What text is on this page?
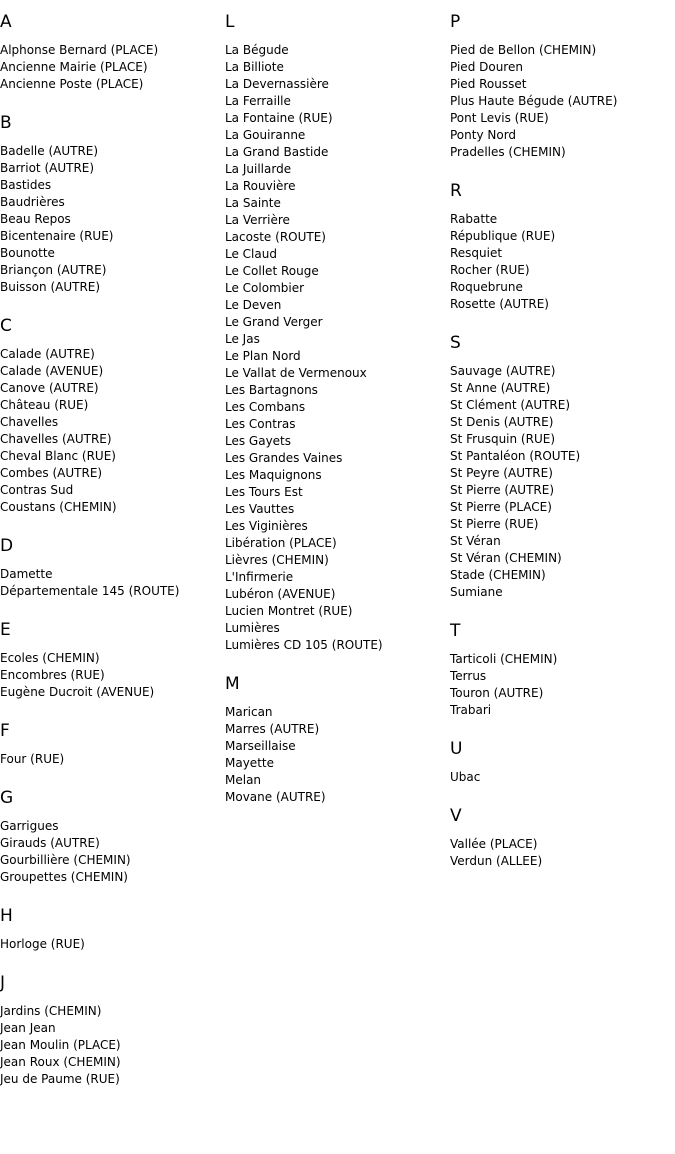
A
Alphonse Bernard (PLACE)
Ancienne Mairie (PLACE)
Ancienne Poste (PLACE)
B
Badelle (AUTRE)
Barriot (AUTRE)
Bastides
Baudrières
Beau Repos
Bicentenaire (RUE)
Bounotte
Briançon (AUTRE)
Buisson (AUTRE)
C
Calade (AUTRE)
Calade (AVENUE)
Canove (AUTRE)
Château (RUE)
Chavelles
Chavelles (AUTRE)
Cheval Blanc (RUE)
Combes (AUTRE)
Contras Sud
Coustans (CHEMIN)
D
Damette
Départementale 145 (ROUTE)
E
Ecoles (CHEMIN)
Encombres (RUE)
Eugène Ducroit (AVENUE)
F
Four (RUE)
G
Garrigues
Girauds (AUTRE)
Gourbillière (CHEMIN)
Groupettes (CHEMIN)
H
Horloge (RUE)
J
Jardins (CHEMIN)
Jean Jean
Jean Moulin (PLACE)
Jean Roux (CHEMIN)
Jeu de Paume (RUE)
L
La Bégude
La Billiote
La Devernassière
La Ferraille
La Fontaine (RUE)
La Gouiranne
La Grand Bastide
La Juillarde
La Rouvière
La Sainte
La Verrière
Lacoste (ROUTE)
Le Claud
Le Collet Rouge
Le Colombier
Le Deven
Le Grand Verger
Le Jas
Le Plan Nord
Le Vallat de Vermenoux
Les Bartagnons
Les Combans
Les Contras
Les Gayets
Les Grandes Vaines
Les Maquignons
Les Tours Est
Les Vauttes
Les Viginières
Libération (PLACE)
Lièvres (CHEMIN)
L'Infirmerie
Lubéron (AVENUE)
Lucien Montret (RUE)
Lumières
Lumières CD 105 (ROUTE)
M
Marican
Marres (AUTRE)
Marseillaise
Mayette
Melan
Movane (AUTRE)
P
Pied de Bellon (CHEMIN)
Pied Douren
Pied Rousset
Plus Haute Bégude (AUTRE)
Pont Levis (RUE)
Ponty Nord
Pradelles (CHEMIN)
R
Rabatte
République (RUE)
Resquiet
Rocher (RUE)
Roquebrune
Rosette (AUTRE)
S
Sauvage (AUTRE)
St Anne (AUTRE)
St Clément (AUTRE)
St Denis (AUTRE)
St Frusquin (RUE)
St Pantaléon (ROUTE)
St Peyre (AUTRE)
St Pierre (AUTRE)
St Pierre (PLACE)
St Pierre (RUE)
St Véran
St Véran (CHEMIN)
Stade (CHEMIN)
Sumiane
T
Tarticoli (CHEMIN)
Terrus
Touron (AUTRE)
Trabari
U
Ubac
V
Vallée (PLACE)
Verdun (ALLEE)
